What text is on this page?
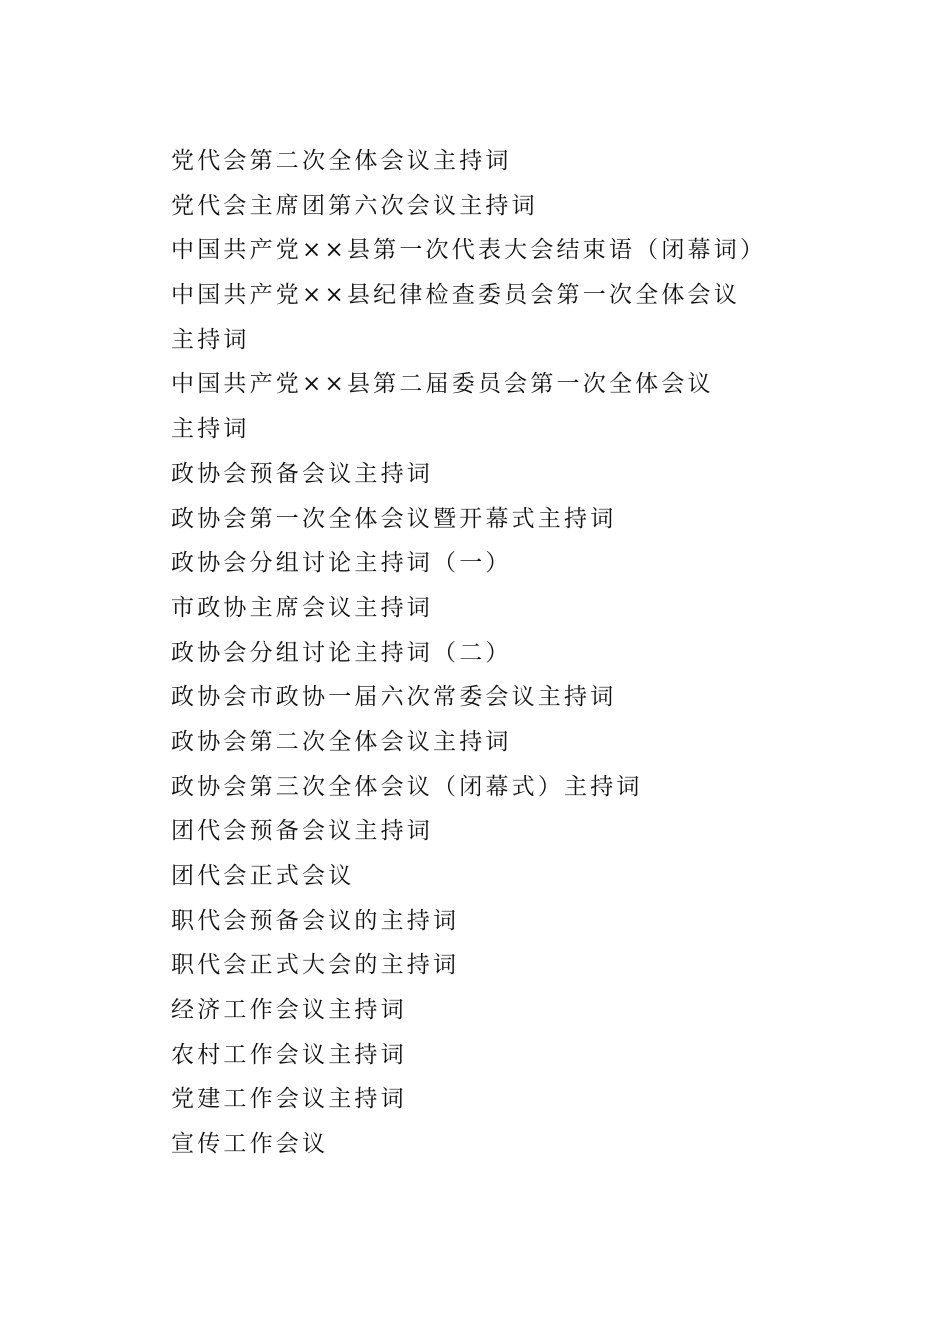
党代会第二次全体会议主持词
党代会主席团第六次会议主持词
中国共产党××县第一次代表大会结束语（闭幕词）
中国共产党××县纪律检查委员会第一次全体会议
主持词
中国共产党××县第二届委员会第一次全体会议
主持词
政协会预备会议主持词
政协会第一次全体会议暨开幕式主持词
政协会分组讨论主持词（一）
市政协主席会议主持词
政协会分组讨论主持词（二）
政协会市政协一届六次常委会议主持词
政协会第二次全体会议主持词
政协会第三次全体会议（闭幕式）主持词
团代会预备会议主持词
团代会正式会议
职代会预备会议的主持词
职代会正式大会的主持词
经济工作会议主持词
农村工作会议主持词
党建工作会议主持词
宣传工作会议
